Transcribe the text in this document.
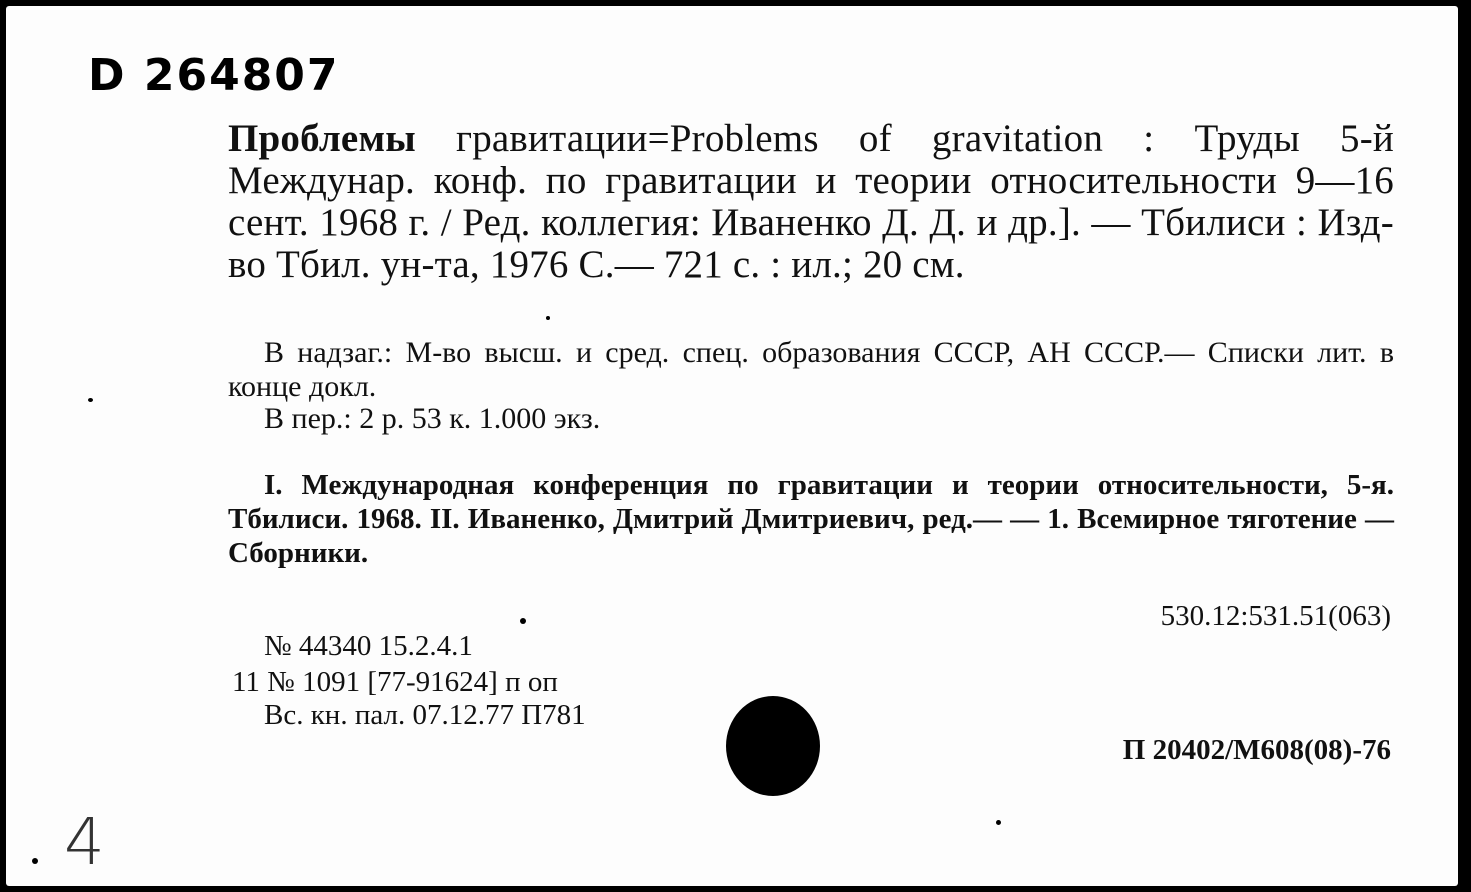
D 264807
Проблемы гравитации=Problems of gravitation : Труды 5-й Междунар. конф. по гравитации и теории относительности 9—16 сент. 1968 г. / Ред. коллегия: Иваненко Д. Д. и др.]. — Тбилиси : Изд-во Тбил. ун-та, 1976 С.— 721 с. : ил.; 20 см.
В надзаг.: М-во высш. и сред. спец. образования СССР, АН СССР.— Списки лит. в конце докл.
В пер.: 2 р. 53 к. 1.000 экз.
I. Международная конференция по гравитации и теории относительности, 5-я. Тбилиси. 1968. II. Иваненко, Дмитрий Дмитриевич, ред.— — 1. Всемирное тяготение — Сборники.
530.12:531.51(063)
№ 44340 15.2.4.1
11 № 1091 [77-91624] п оп
Вс. кн. пал. 07.12.77 П781
П 20402/М608(08)-76
4
